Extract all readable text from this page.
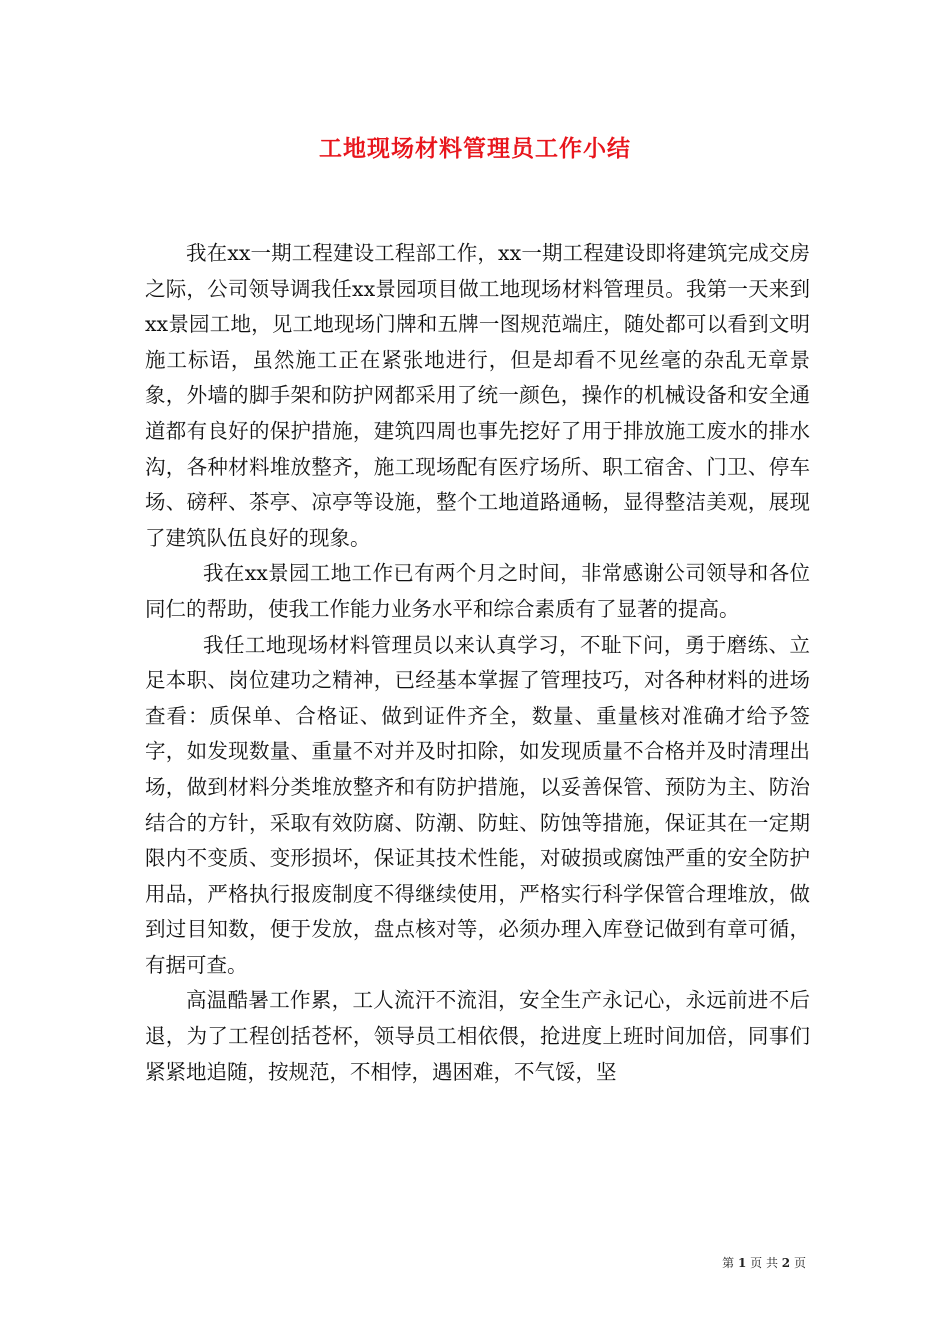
工地现场材料管理员工作小结

我在xx一期工程建设工程部工作，xx一期工程建设即将建筑完成交房之际，公司领导调我任xx景园项目做工地现场材料管理员。我第一天来到xx景园工地，见工地现场门牌和五牌一图规范端庄，随处都可以看到文明施工标语，虽然施工正在紧张地进行，但是却看不见丝毫的杂乱无章景象，外墙的脚手架和防护网都采用了统一颜色，操作的机械设备和安全通道都有良好的保护措施，建筑四周也事先挖好了用于排放施工废水的排水沟，各种材料堆放整齐，施工现场配有医疗场所、职工宿舍、门卫、停车场、磅秤、茶亭、凉亭等设施，整个工地道路通畅，显得整洁美观，展现了建筑队伍良好的现象。

我在xx景园工地工作已有两个月之时间，非常感谢公司领导和各位同仁的帮助，使我工作能力业务水平和综合素质有了显著的提高。

我任工地现场材料管理员以来认真学习，不耻下问，勇于磨练、立足本职、岗位建功之精神，已经基本掌握了管理技巧，对各种材料的进场查看：质保单、合格证、做到证件齐全，数量、重量核对准确才给予签字，如发现数量、重量不对并及时扣除，如发现质量不合格并及时清理出场，做到材料分类堆放整齐和有防护措施，以妥善保管、预防为主、防治结合的方针，采取有效防腐、防潮、防蛀、防蚀等措施，保证其在一定期限内不变质、变形损坏，保证其技术性能，对破损或腐蚀严重的安全防护用品，严格执行报废制度不得继续使用，严格实行科学保管合理堆放，做到过目知数，便于发放，盘点核对等，必须办理入库登记做到有章可循，有据可查。

高温酷暑工作累，工人流汗不流泪，安全生产永记心，永远前进不后退，为了工程创括苍杯，领导员工相依偎，抢进度上班时间加倍，同事们紧紧地追随，按规范，不相悖，遇困难，不气馁，坚

第 1 页 共 2 页
